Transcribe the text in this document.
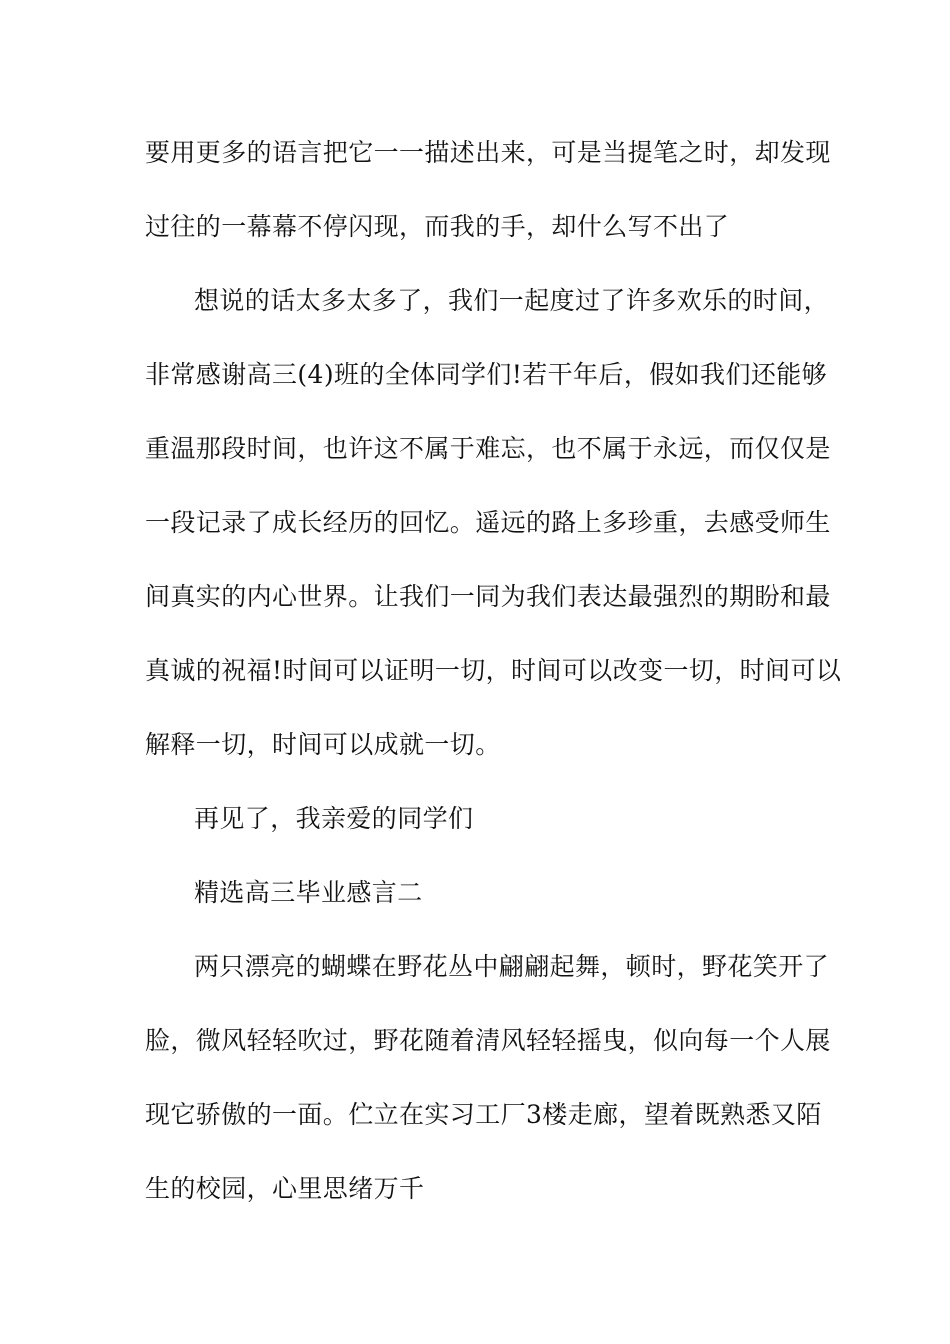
要用更多的语言把它一一描述出来，可是当提笔之时，却发现
过往的一幕幕不停闪现，而我的手，却什么写不出了
想说的话太多太多了，我们一起度过了许多欢乐的时间，
非常感谢高三(4)班的全体同学们!若干年后，假如我们还能够
重温那段时间，也许这不属于难忘，也不属于永远，而仅仅是
一段记录了成长经历的回忆。遥远的路上多珍重，去感受师生
间真实的内心世界。让我们一同为我们表达最强烈的期盼和最
真诚的祝福!时间可以证明一切，时间可以改变一切，时间可以
解释一切，时间可以成就一切。
再见了，我亲爱的同学们
精选高三毕业感言二
两只漂亮的蝴蝶在野花丛中翩翩起舞，顿时，野花笑开了
脸，微风轻轻吹过，野花随着清风轻轻摇曳，似向每一个人展
现它骄傲的一面。伫立在实习工厂3楼走廊，望着既熟悉又陌
生的校园，心里思绪万千
